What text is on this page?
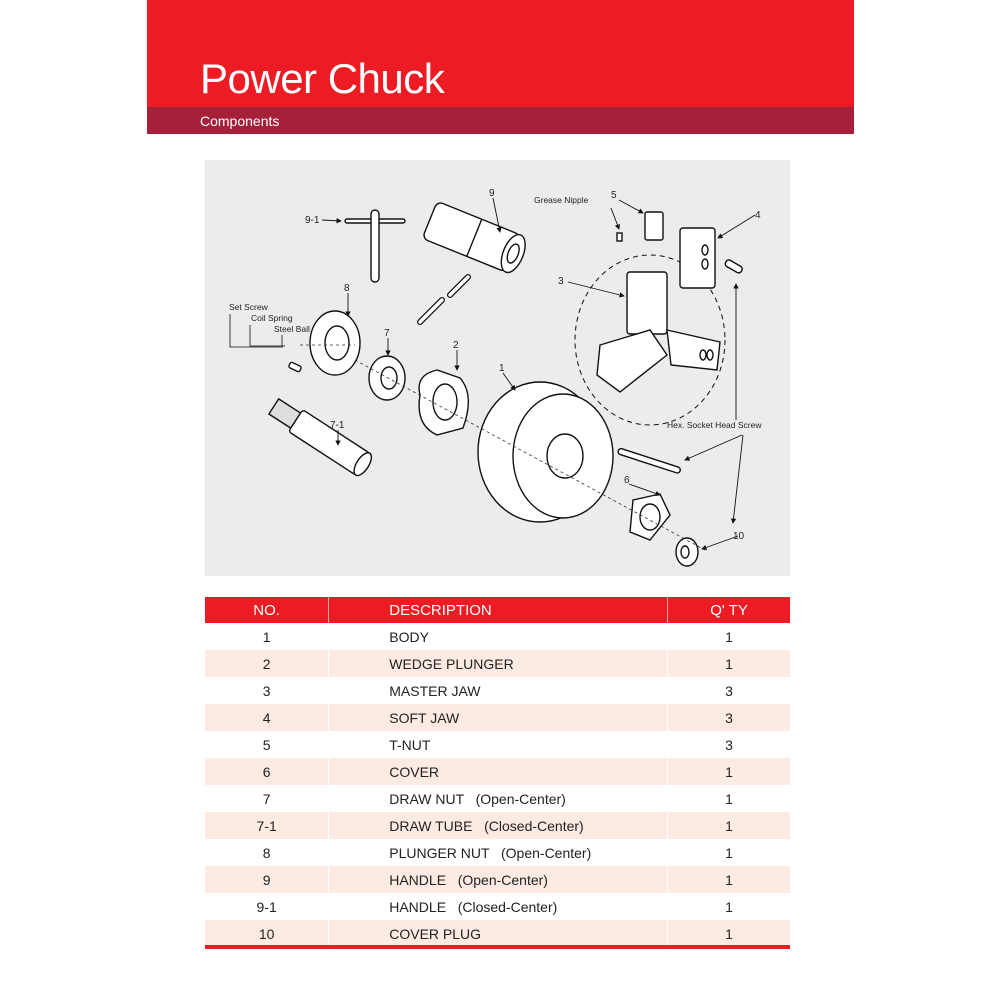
Power Chuck
Components
9-1
9
8
7
2
1
7-1
3
5
4
6
10
Grease Nipple
Set Screw
Coil Spring
Steel Ball
Hex. Socket Head Screw
NO.	DESCRIPTION	Q' TY
1	BODY	1
2	WEDGE PLUNGER	1
3	MASTER JAW	3
4	SOFT JAW	3
5	T-NUT	3
6	COVER	1
7	DRAW NUT   (Open-Center)	1
7-1	DRAW TUBE   (Closed-Center)	1
8	PLUNGER NUT   (Open-Center)	1
9	HANDLE   (Open-Center)	1
9-1	HANDLE   (Closed-Center)	1
10	COVER PLUG	1
